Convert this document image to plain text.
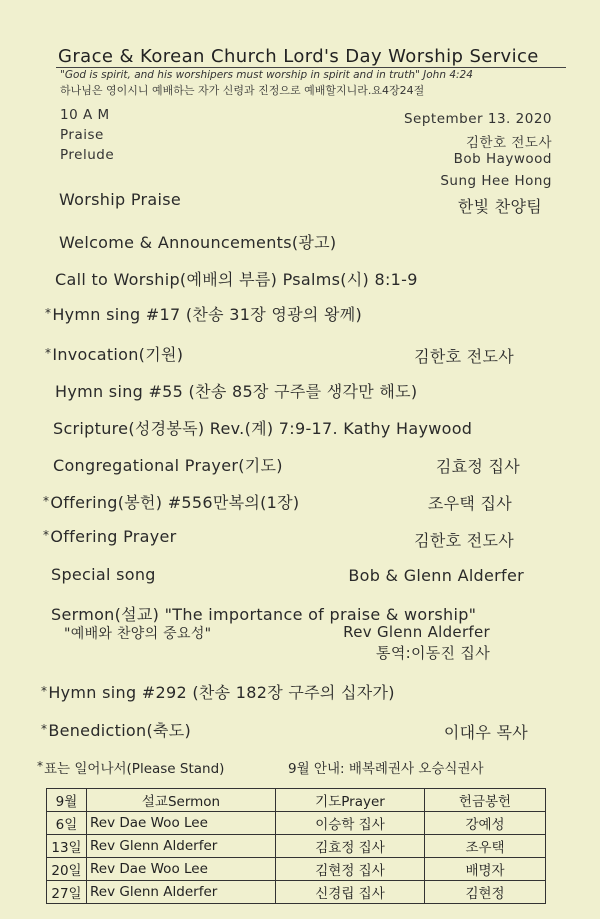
Grace & Korean Church Lord's Day Worship Service
"God is spirit, and his worshipers must worship in spirit and in truth" John 4:24
하나님은 영이시니 예배하는 자가 신령과 진정으로 예배할지니라.요4장24절
10 A M
Praise
Prelude
September 13. 2020
김한호 전도사
Bob Haywood
Sung Hee Hong
Worship Praise	한빛 찬양팀
Welcome & Announcements(광고)
Call to Worship(예배의 부름) Psalms(시) 8:1-9
*Hymn sing #17 (찬송 31장 영광의 왕께)
*Invocation(기원)	김한호 전도사
Hymn sing #55 (찬송 85장 구주를 생각만 해도)
Scripture(성경봉독) Rev.(계) 7:9-17. Kathy Haywood
Congregational Prayer(기도)	김효정 집사
*Offering(봉헌) #556만복의(1장)	조우택 집사
*Offering Prayer	김한호 전도사
Special song	Bob & Glenn Alderfer
Sermon(설교) "The importance of praise & worship"
"예배와 찬양의 중요성"	Rev Glenn Alderfer
통역:이동진 집사
*Hymn sing #292 (찬송 182장 구주의 십자가)
*Benediction(축도)	이대우 목사
*표는 일어나서(Please Stand)	9월 안내: 배복례권사 오승식권사
9월	설교Sermon	기도Prayer	헌금봉헌
6일	Rev Dae Woo Lee	이승학 집사	강예성
13일	Rev Glenn Alderfer	김효정 집사	조우택
20일	Rev Dae Woo Lee	김현정 집사	배명자
27일	Rev Glenn Alderfer	신경립 집사	김현정
